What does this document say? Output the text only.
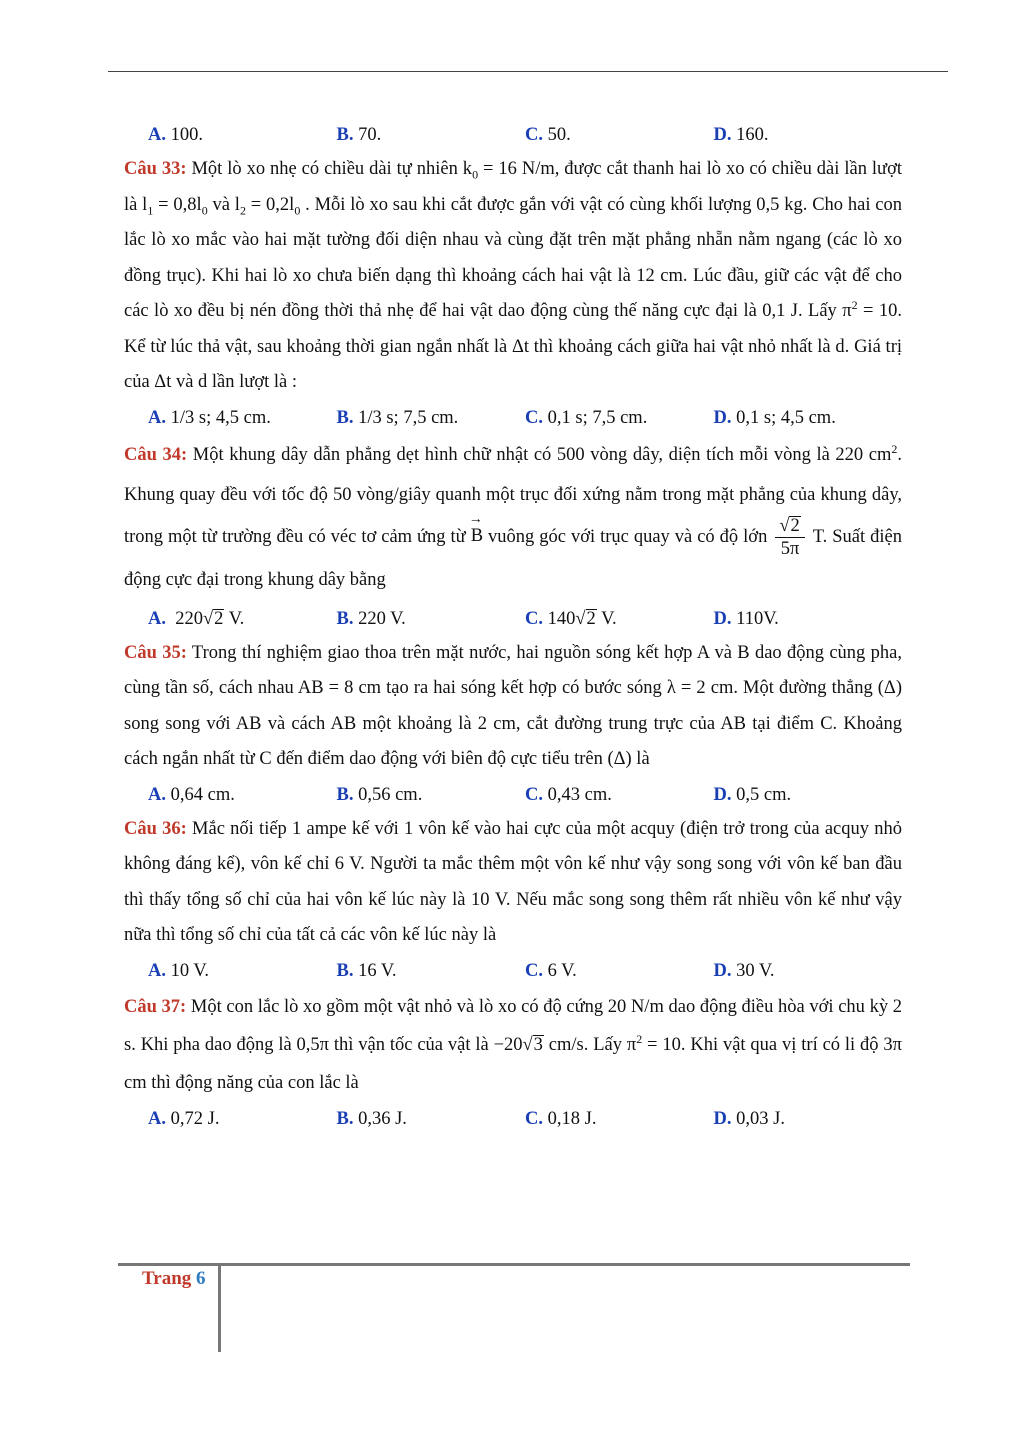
A. 100.	B. 70.	C. 50.	D. 160.

Câu 33: Một lò xo nhẹ có chiều dài tự nhiên $k_0 = 16$ N/m, được cắt thanh hai lò xo có chiều dài lần lượt là $l_1 = 0,8l_0$ và $l_2 = 0,2l_0$ . Mỗi lò xo sau khi cắt được gắn với vật có cùng khối lượng 0,5 kg. Cho hai con lắc lò xo mắc vào hai mặt tường đối diện nhau và cùng đặt trên mặt phẳng nhẵn nằm ngang (các lò xo đồng trục). Khi hai lò xo chưa biến dạng thì khoảng cách hai vật là 12 cm. Lúc đầu, giữ các vật để cho các lò xo đều bị nén đồng thời thả nhẹ để hai vật dao động cùng thế năng cực đại là 0,1 J. Lấy $\pi^2 = 10$. Kể từ lúc thả vật, sau khoảng thời gian ngắn nhất là Δt thì khoảng cách giữa hai vật nhỏ nhất là d. Giá trị của Δt và d lần lượt là :

A. 1/3 s; 4,5 cm.	B. 1/3 s; 7,5 cm.	C. 0,1 s; 7,5 cm.	D. 0,1 s; 4,5 cm.

Câu 34: Một khung dây dẫn phẳng dẹt hình chữ nhật có 500 vòng dây, diện tích mỗi vòng là 220 $cm^2$. Khung quay đều với tốc độ 50 vòng/giây quanh một trục đối xứng nằm trong mặt phẳng của khung dây, trong một từ trường đều có véc tơ cảm ứng từ → B vuông góc với trục quay và có độ lớn $\frac{√2}{5\pi} T$. Suất điện động cực đại trong khung dây bằng

A. 220√2 V.	B. 220 V.	C. 140√2 V.	D. 110V.

Câu 35: Trong thí nghiệm giao thoa trên mặt nước, hai nguồn sóng kết hợp A và B dao động cùng pha, cùng tần số, cách nhau AB = 8 cm tạo ra hai sóng kết hợp có bước sóng λ = 2 cm. Một đường thẳng (Δ) song song với AB và cách AB một khoảng là 2 cm, cắt đường trung trực của AB tại điểm C. Khoảng cách ngắn nhất từ C đến điểm dao động với biên độ cực tiểu trên (Δ) là

A. 0,64 cm.	B. 0,56 cm.	C. 0,43 cm.	D. 0,5 cm.

Câu 36: Mắc nối tiếp 1 ampe kế với 1 vôn kế vào hai cực của một acquy (điện trở trong của acquy nhỏ không đáng kể), vôn kế chỉ 6 V. Người ta mắc thêm một vôn kế như vậy song song với vôn kế ban đầu thì thấy tổng số chỉ của hai vôn kế lúc này là 10 V. Nếu mắc song song thêm rất nhiều vôn kế như vậy nữa thì tổng số chỉ của tất cả các vôn kế lúc này là

A. 10 V.	B. 16 V.	C. 6 V.	D. 30 V.

Câu 37: Một con lắc lò xo gồm một vật nhỏ và lò xo có độ cứng 20 N/m dao động điều hòa với chu kỳ 2 s. Khi pha dao động là 0,5π thì vận tốc của vật là −20√3 cm/s. Lấy $\pi^2 = 10$. Khi vật qua vị trí có li độ 3π cm thì động năng của con lắc là

A. 0,72 J.	B. 0,36 J.	C. 0,18 J.	D. 0,03 J.
Trang 6
